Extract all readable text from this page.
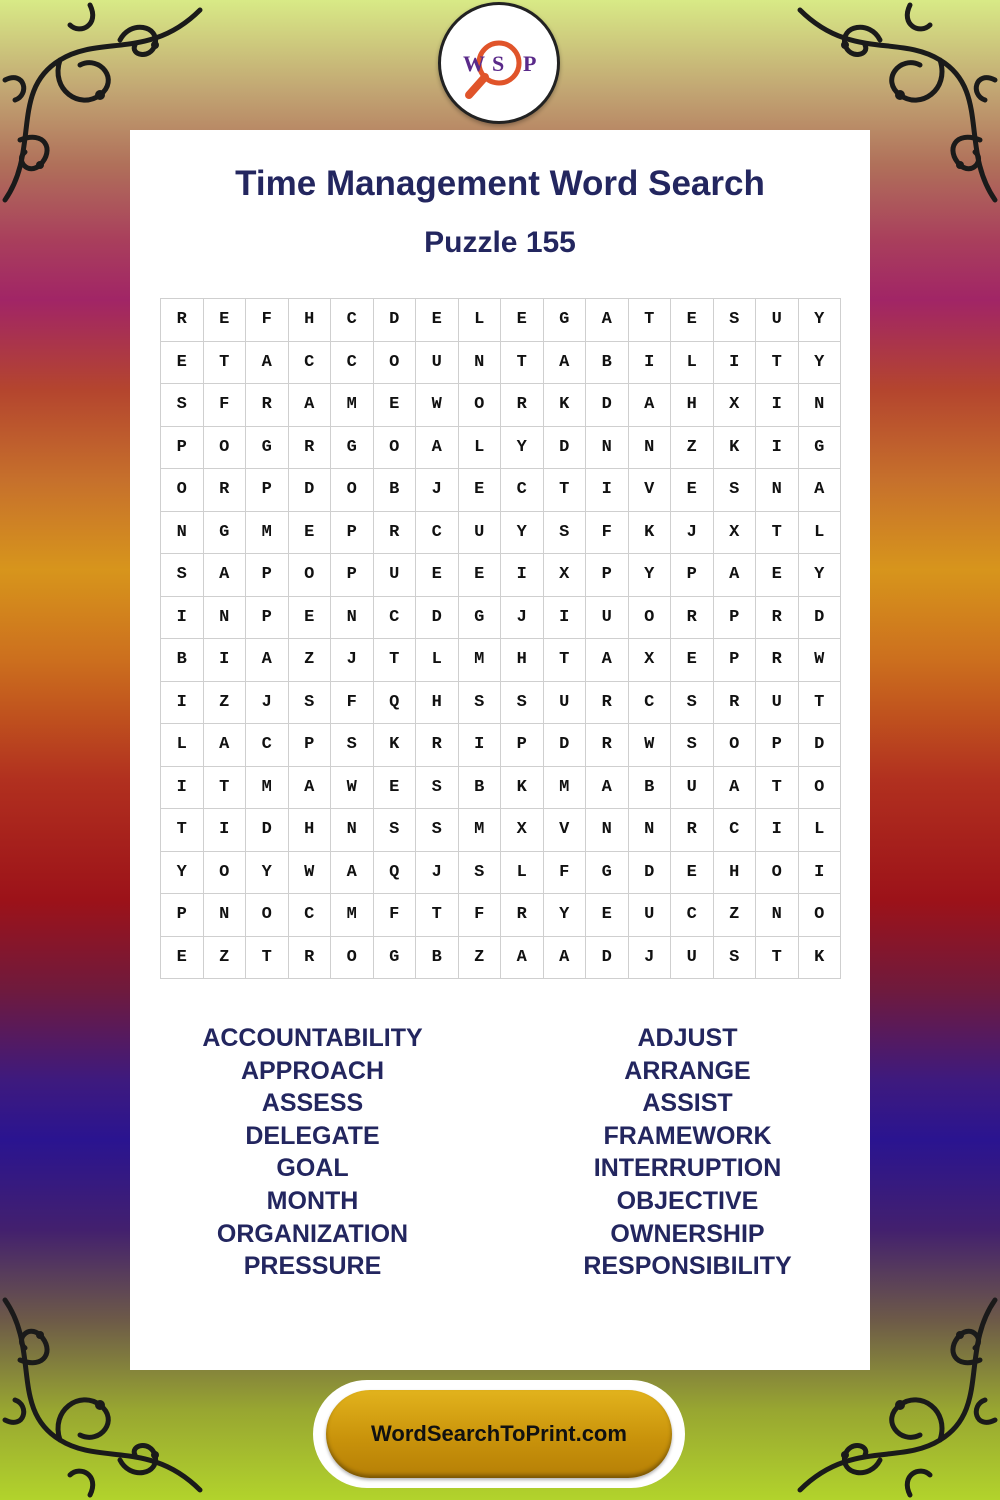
W S P
Time Management Word Search
Puzzle 155
R	E	F	H	C	D	E	L	E	G	A	T	E	S	U	Y
E	T	A	C	C	O	U	N	T	A	B	I	L	I	T	Y
S	F	R	A	M	E	W	O	R	K	D	A	H	X	I	N
P	O	G	R	G	O	A	L	Y	D	N	N	Z	K	I	G
O	R	P	D	O	B	J	E	C	T	I	V	E	S	N	A
N	G	M	E	P	R	C	U	Y	S	F	K	J	X	T	L
S	A	P	O	P	U	E	E	I	X	P	Y	P	A	E	Y
I	N	P	E	N	C	D	G	J	I	U	O	R	P	R	D
B	I	A	Z	J	T	L	M	H	T	A	X	E	P	R	W
I	Z	J	S	F	Q	H	S	S	U	R	C	S	R	U	T
L	A	C	P	S	K	R	I	P	D	R	W	S	O	P	D
I	T	M	A	W	E	S	B	K	M	A	B	U	A	T	O
T	I	D	H	N	S	S	M	X	V	N	N	R	C	I	L
Y	O	Y	W	A	Q	J	S	L	F	G	D	E	H	O	I
P	N	O	C	M	F	T	F	R	Y	E	U	C	Z	N	O
E	Z	T	R	O	G	B	Z	A	A	D	J	U	S	T	K
ACCOUNTABILITY
APPROACH
ASSESS
DELEGATE
GOAL
MONTH
ORGANIZATION
PRESSURE
ADJUST
ARRANGE
ASSIST
FRAMEWORK
INTERRUPTION
OBJECTIVE
OWNERSHIP
RESPONSIBILITY
WordSearchToPrint.com
